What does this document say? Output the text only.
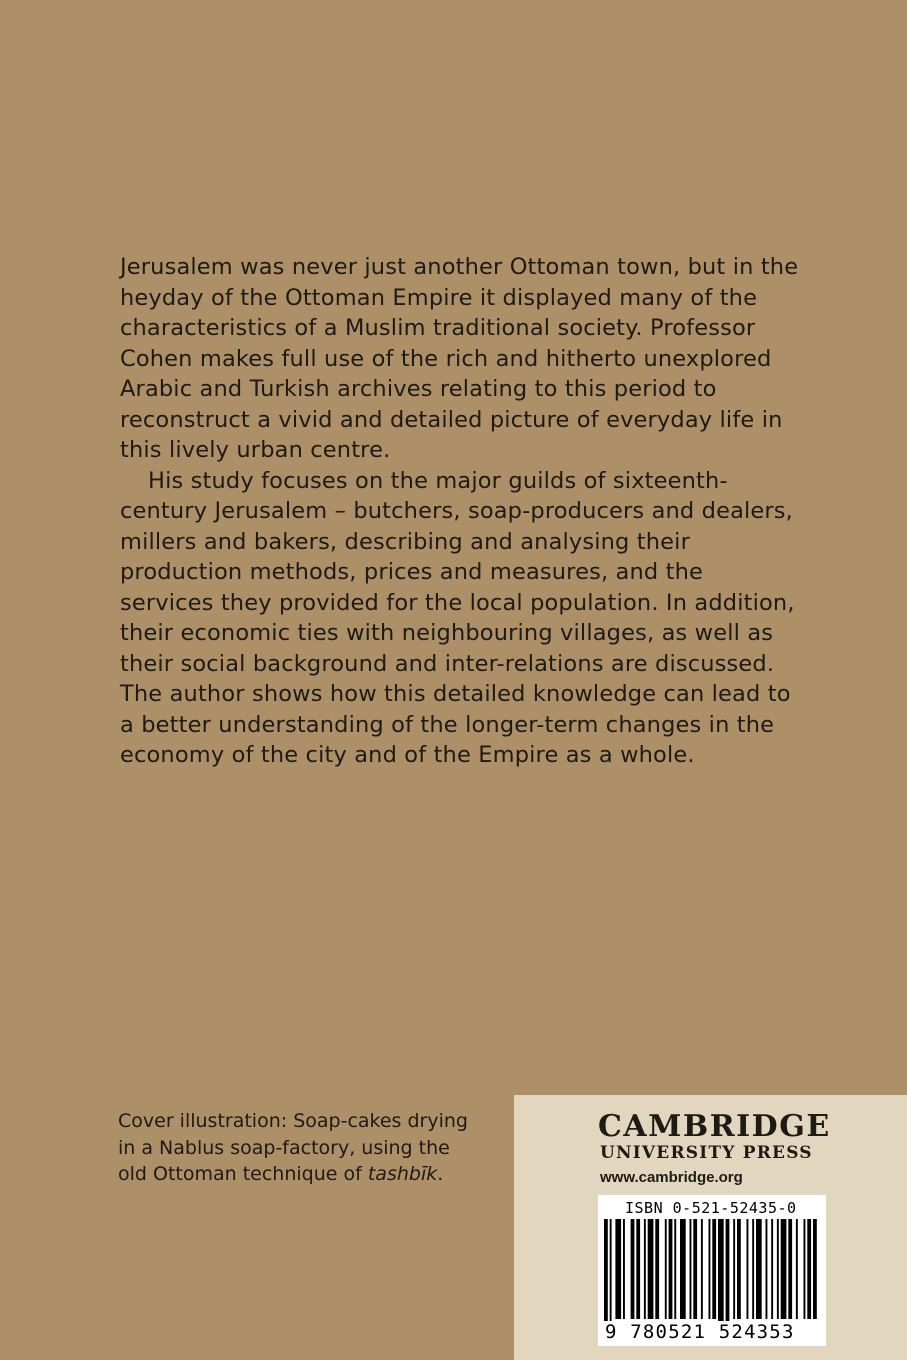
Jerusalem was never just another Ottoman town, but in the heyday of the Ottoman Empire it displayed many of the characteristics of a Muslim traditional society. Professor Cohen makes full use of the rich and hitherto unexplored Arabic and Turkish archives relating to this period to reconstruct a vivid and detailed picture of everyday life in this lively urban centre.

His study focuses on the major guilds of sixteenth-century Jerusalem – butchers, soap-producers and dealers, millers and bakers, describing and analysing their production methods, prices and measures, and the services they provided for the local population. In addition, their economic ties with neighbouring villages, as well as their social background and inter-relations are discussed. The author shows how this detailed knowledge can lead to a better understanding of the longer-term changes in the economy of the city and of the Empire as a whole.

Cover illustration: Soap-cakes drying in a Nablus soap-factory, using the old Ottoman technique of tashbīk.

CAMBRIDGE
UNIVERSITY PRESS
www.cambridge.org
ISBN 0-521-52435-0
9 780521 524353
